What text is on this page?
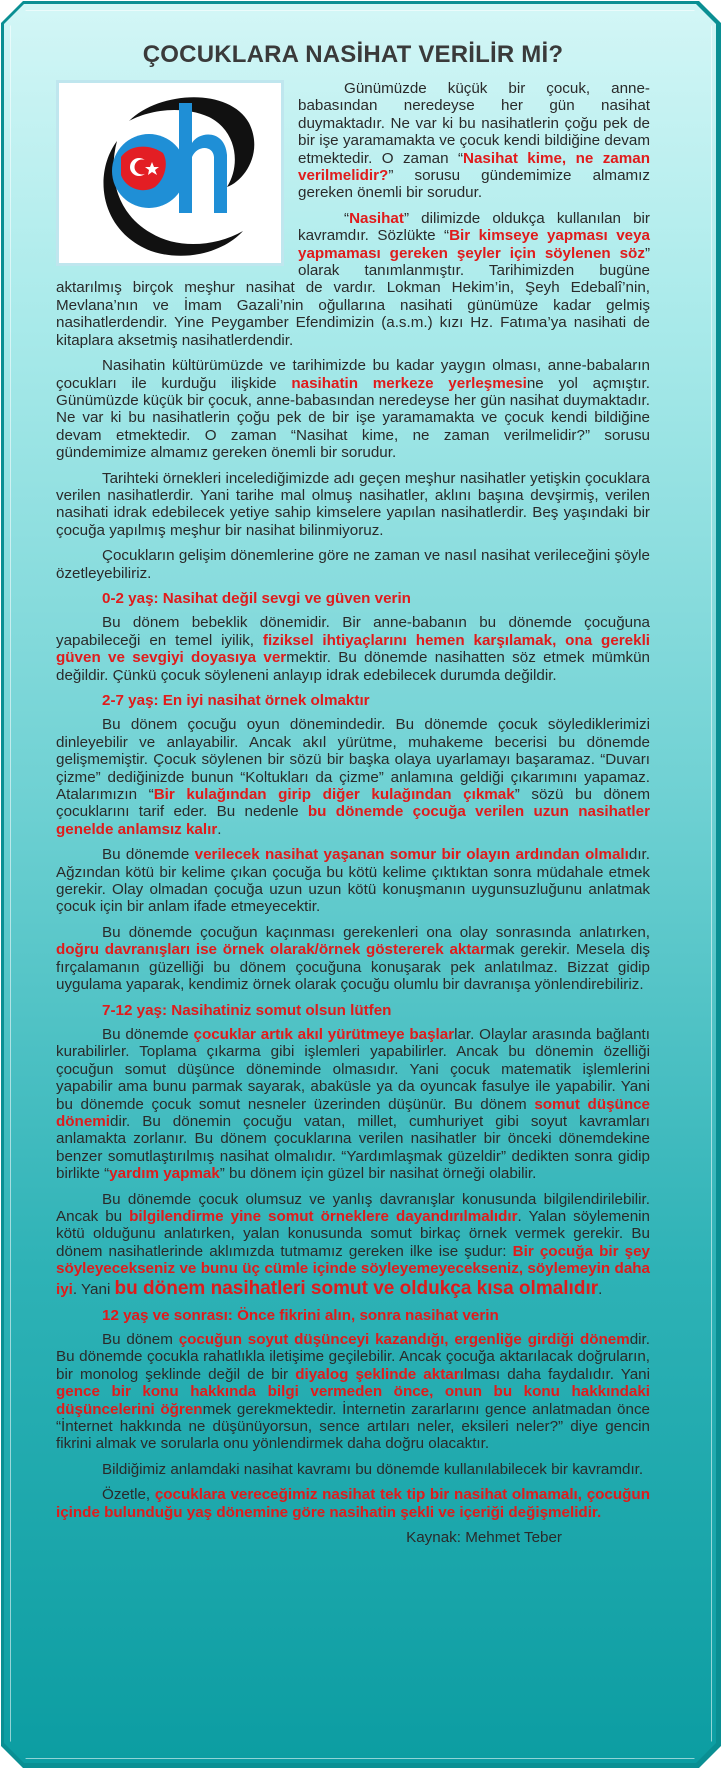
ÇOCUKLARA NASİHAT VERİLİR Mİ?

Günümüzde küçük bir çocuk, anne-babasından neredeyse her gün nasihat duymaktadır. Ne var ki bu nasihatlerin çoğu pek de bir işe yaramamakta ve çocuk kendi bildiğine devam etmektedir. O zaman “Nasihat kime, ne zaman verilmelidir?” sorusu gündemimize almamız gereken önemli bir sorudur.

“Nasihat” dilimizde oldukça kullanılan bir kavramdır. Sözlükte “Bir kimseye yapması veya yapmaması gereken şeyler için söylenen söz” olarak tanımlanmıştır. Tarihimizden bugüne aktarılmış birçok meşhur nasihat de vardır. Lokman Hekim’in, Şeyh Edebalî’nin, Mevlana’nın ve İmam Gazali’nin oğullarına nasihati günümüze kadar gelmiş nasihatlerdendir. Yine Peygamber Efendimizin (a.s.m.) kızı Hz. Fatıma’ya nasihati de kitaplara aksetmiş nasihatlerdendir.

Nasihatin kültürümüzde ve tarihimizde bu kadar yaygın olması, anne-babaların çocukları ile kurduğu ilişkide nasihatin merkeze yerleşmesine yol açmıştır. Günümüzde küçük bir çocuk, anne-babasından neredeyse her gün nasihat duymaktadır. Ne var ki bu nasihatlerin çoğu pek de bir işe yaramamakta ve çocuk kendi bildiğine devam etmektedir. O zaman “Nasihat kime, ne zaman verilmelidir?” sorusu gündemimize almamız gereken önemli bir sorudur.

Tarihteki örnekleri incelediğimizde adı geçen meşhur nasihatler yetişkin çocuklara verilen nasihatlerdir. Yani tarihe mal olmuş nasihatler, aklını başına devşirmiş, verilen nasihati idrak edebilecek yetiye sahip kimselere yapılan nasihatlerdir. Beş yaşındaki bir çocuğa yapılmış meşhur bir nasihat bilinmiyoruz.

Çocukların gelişim dönemlerine göre ne zaman ve nasıl nasihat verileceğini şöyle özetleyebiliriz.

0-2 yaş: Nasihat değil sevgi ve güven verin

Bu dönem bebeklik dönemidir. Bir anne-babanın bu dönemde çocuğuna yapabileceği en temel iyilik, fiziksel ihtiyaçlarını hemen karşılamak, ona gerekli güven ve sevgiyi doyasıya vermektir. Bu dönemde nasihatten söz etmek mümkün değildir. Çünkü çocuk söyleneni anlayıp idrak edebilecek durumda değildir.

2-7 yaş: En iyi nasihat örnek olmaktır

Bu dönem çocuğu oyun dönemindedir. Bu dönemde çocuk söylediklerimizi dinleyebilir ve anlayabilir. Ancak akıl yürütme, muhakeme becerisi bu dönemde gelişmemiştir. Çocuk söylenen bir sözü bir başka olaya uyarlamayı başaramaz. “Duvarı çizme” dediğinizde bunun “Koltukları da çizme” anlamına geldiği çıkarımını yapamaz. Atalarımızın “Bir kulağından girip diğer kulağından çıkmak” sözü bu dönem çocuklarını tarif eder. Bu nedenle bu dönemde çocuğa verilen uzun nasihatler genelde anlamsız kalır.

Bu dönemde verilecek nasihat yaşanan somur bir olayın ardından olmalıdır. Ağzından kötü bir kelime çıkan çocuğa bu kötü kelime çıktıktan sonra müdahale etmek gerekir. Olay olmadan çocuğa uzun uzun kötü konuşmanın uygunsuzluğunu anlatmak çocuk için bir anlam ifade etmeyecektir.

Bu dönemde çocuğun kaçınması gerekenleri ona olay sonrasında anlatırken, doğru davranışları ise örnek olarak/örnek göstererek aktarmak gerekir. Mesela diş fırçalamanın güzelliği bu dönem çocuğuna konuşarak pek anlatılmaz. Bizzat gidip uygulama yaparak, kendimiz örnek olarak çocuğu olumlu bir davranışa yönlendirebiliriz.

7-12 yaş: Nasihatiniz somut olsun lütfen

Bu dönemde çocuklar artık akıl yürütmeye başlarlar. Olaylar arasında bağlantı kurabilirler. Toplama çıkarma gibi işlemleri yapabilirler. Ancak bu dönemin özelliği çocuğun somut düşünce döneminde olmasıdır. Yani çocuk matematik işlemlerini yapabilir ama bunu parmak sayarak, abaküsle ya da oyuncak fasulye ile yapabilir. Yani bu dönemde çocuk somut nesneler üzerinden düşünür. Bu dönem somut düşünce dönemidir. Bu dönemin çocuğu vatan, millet, cumhuriyet gibi soyut kavramları anlamakta zorlanır. Bu dönem çocuklarına verilen nasihatler bir önceki dönemdekine benzer somutlaştırılmış nasihat olmalıdır. “Yardımlaşmak güzeldir” dedikten sonra gidip birlikte “yardım yapmak” bu dönem için güzel bir nasihat örneği olabilir.

Bu dönemde çocuk olumsuz ve yanlış davranışlar konusunda bilgilendirilebilir. Ancak bu bilgilendirme yine somut örneklere dayandırılmalıdır. Yalan söylemenin kötü olduğunu anlatırken, yalan konusunda somut birkaç örnek vermek gerekir. Bu dönem nasihatlerinde aklımızda tutmamız gereken ilke ise şudur: Bir çocuğa bir şey söyleyecekseniz ve bunu üç cümle içinde söyleyemeyecekseniz, söylemeyin daha iyi. Yani bu dönem nasihatleri somut ve oldukça kısa olmalıdır.

12 yaş ve sonrası: Önce fikrini alın, sonra nasihat verin

Bu dönem çocuğun soyut düşünceyi kazandığı, ergenliğe girdiği dönemdir. Bu dönemde çocukla rahatlıkla iletişime geçilebilir. Ancak çocuğa aktarılacak doğruların, bir monolog şeklinde değil de bir diyalog şeklinde aktarılması daha faydalıdır. Yani gence bir konu hakkında bilgi vermeden önce, onun bu konu hakkındaki düşüncelerini öğrenmek gerekmektedir. İnternetin zararlarını gence anlatmadan önce “İnternet hakkında ne düşünüyorsun, sence artıları neler, eksileri neler?” diye gencin fikrini almak ve sorularla onu yönlendirmek daha doğru olacaktır.

Bildiğimiz anlamdaki nasihat kavramı bu dönemde kullanılabilecek bir kavramdır.

Özetle, çocuklara vereceğimiz nasihat tek tip bir nasihat olmamalı, çocuğun içinde bulunduğu yaş dönemine göre nasihatin şekli ve içeriği değişmelidir.

Kaynak: Mehmet Teber
